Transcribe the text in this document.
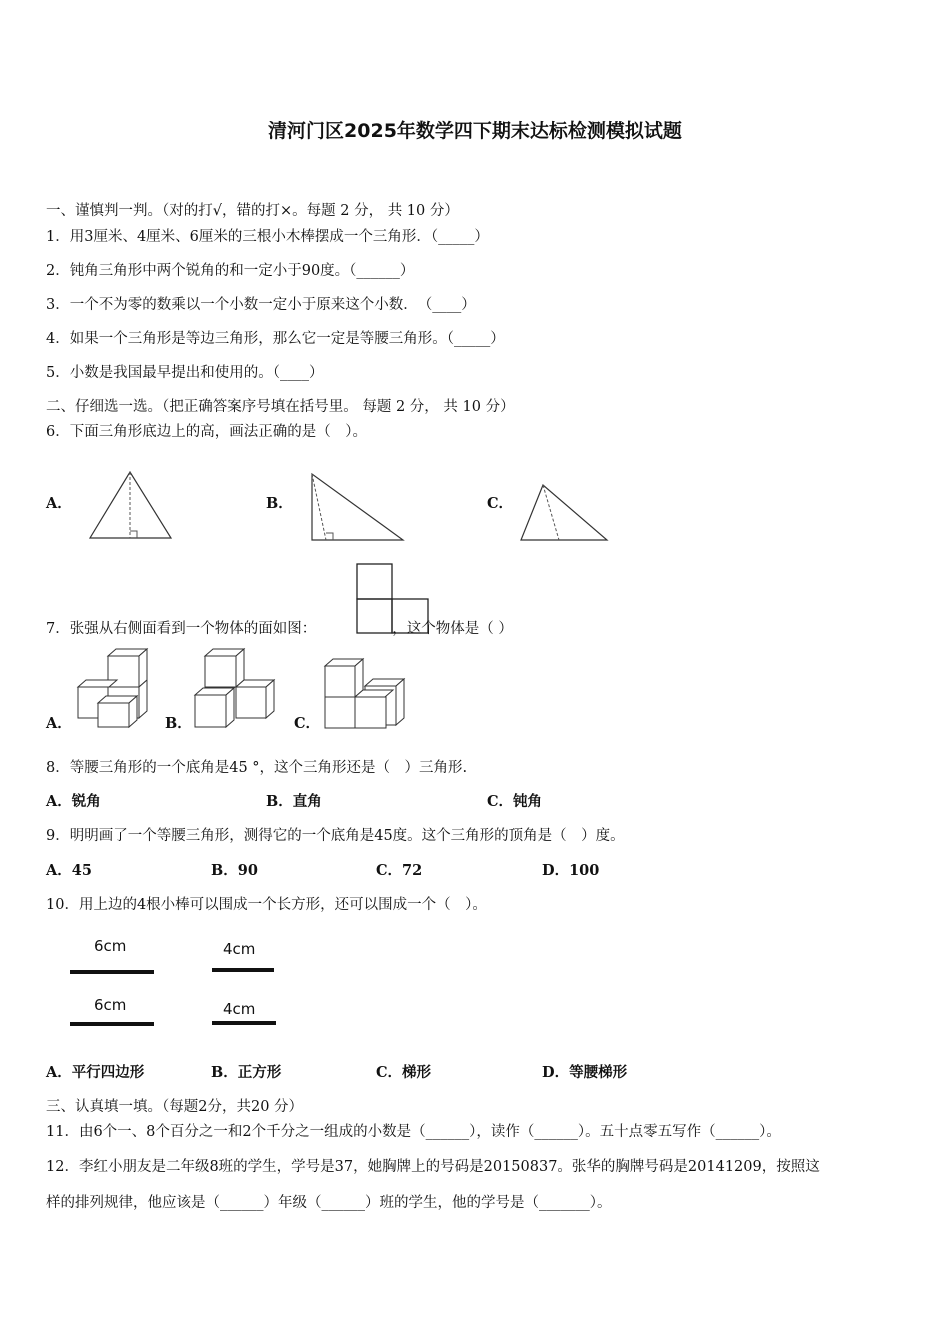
清河门区2025年数学四下期末达标检测模拟试题
一、谨慎判一判。（对的打√，错的打×。每题 2 分， 共 10 分）
1．用3厘米、4厘米、6厘米的三根小木棒摆成一个三角形．（_____）
2．钝角三角形中两个锐角的和一定小于90度。（______）
3．一个不为零的数乘以一个小数一定小于原来这个小数．　（____）
4．如果一个三角形是等边三角形，那么它一定是等腰三角形。（_____）
5．小数是我国最早提出和使用的。（____）
二、仔细选一选。（把正确答案序号填在括号里。 每题 2 分， 共 10 分）
6．下面三角形底边上的高，画法正确的是（　）。
A．	B．	C．
7．张强从右侧面看到一个物体的面如图：	，这个物体是（ ）
A．	B．	C．
8．等腰三角形的一个底角是45 °，这个三角形还是（　）三角形.
A．锐角	B．直角	C．钝角
9．明明画了一个等腰三角形，测得它的一个底角是45度。这个三角形的顶角是（　）度。
A．45	B．90	C．72	D．100
10．用上边的4根小棒可以围成一个长方形，还可以围成一个（　）。
6cm	4cm
6cm	4cm
A．平行四边形	B．正方形	C．梯形	D．等腰梯形
三、认真填一填。（每题2分，共20 分）
11．由6个一、8个百分之一和2个千分之一组成的小数是（______），读作（______）。五十点零五写作（______）。
12．李红小朋友是二年级8班的学生，学号是37，她胸牌上的号码是20150837。张华的胸牌号码是20141209，按照这
样的排列规律，他应该是（______）年级（______）班的学生，他的学号是（_______）。
